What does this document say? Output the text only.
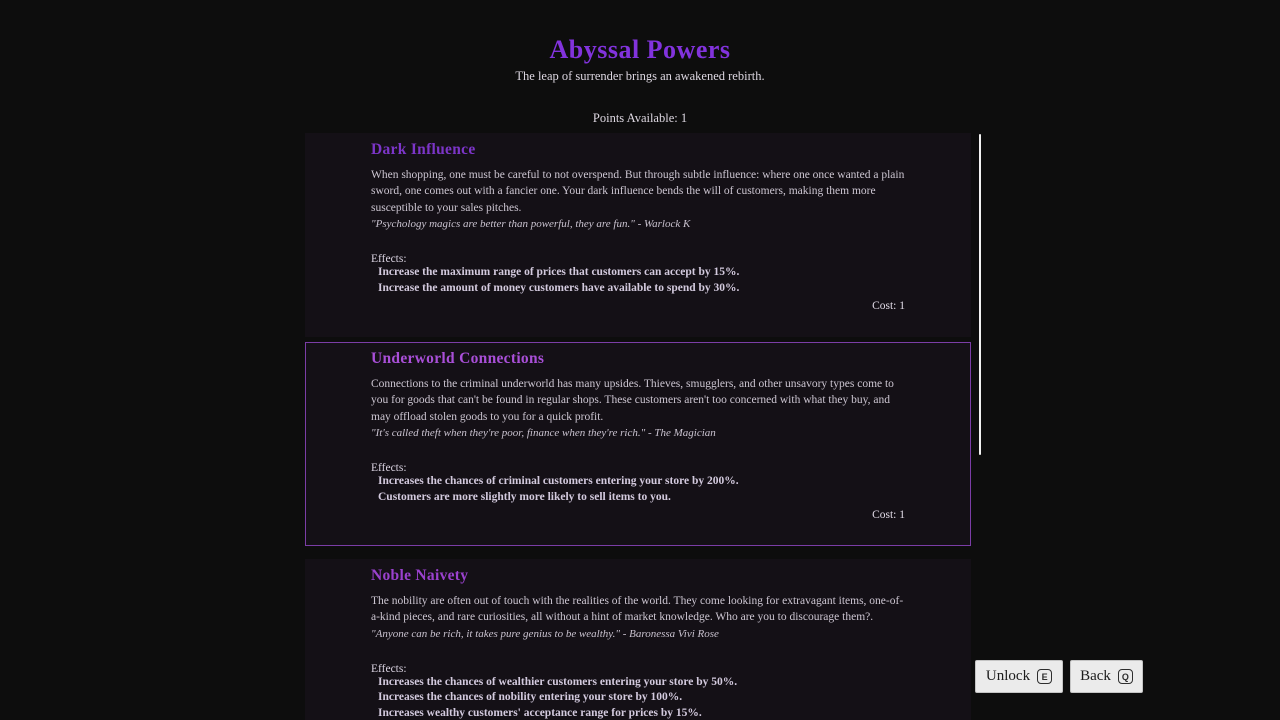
Abyssal Powers
The leap of surrender brings an awakened rebirth.
Points Available: 1
Dark Influence
When shopping, one must be careful to not overspend. But through subtle influence: where one once wanted a plain sword, one comes out with a fancier one. Your dark influence bends the will of customers, making them more susceptible to your sales pitches.
"Psychology magics are better than powerful, they are fun." - Warlock K
Effects:
Increase the maximum range of prices that customers can accept by 15%.
Increase the amount of money customers have available to spend by 30%.
Cost: 1
Underworld Connections
Connections to the criminal underworld has many upsides. Thieves, smugglers, and other unsavory types come to you for goods that can't be found in regular shops. These customers aren't too concerned with what they buy, and may offload stolen goods to you for a quick profit.
"It's called theft when they're poor, finance when they're rich." - The Magician
Effects:
Increases the chances of criminal customers entering your store by 200%.
Customers are more slightly more likely to sell items to you.
Cost: 1
Noble Naivety
The nobility are often out of touch with the realities of the world. They come looking for extravagant items, one-of-a-kind pieces, and rare curiosities, all without a hint of market knowledge. Who are you to discourage them?.
"Anyone can be rich, it takes pure genius to be wealthy." - Baronessa Vivi Rose
Effects:
Increases the chances of wealthier customers entering your store by 50%.
Increases the chances of nobility entering your store by 100%.
Increases wealthy customers' acceptance range for prices by 15%.
Unlock	E	Back	Q
